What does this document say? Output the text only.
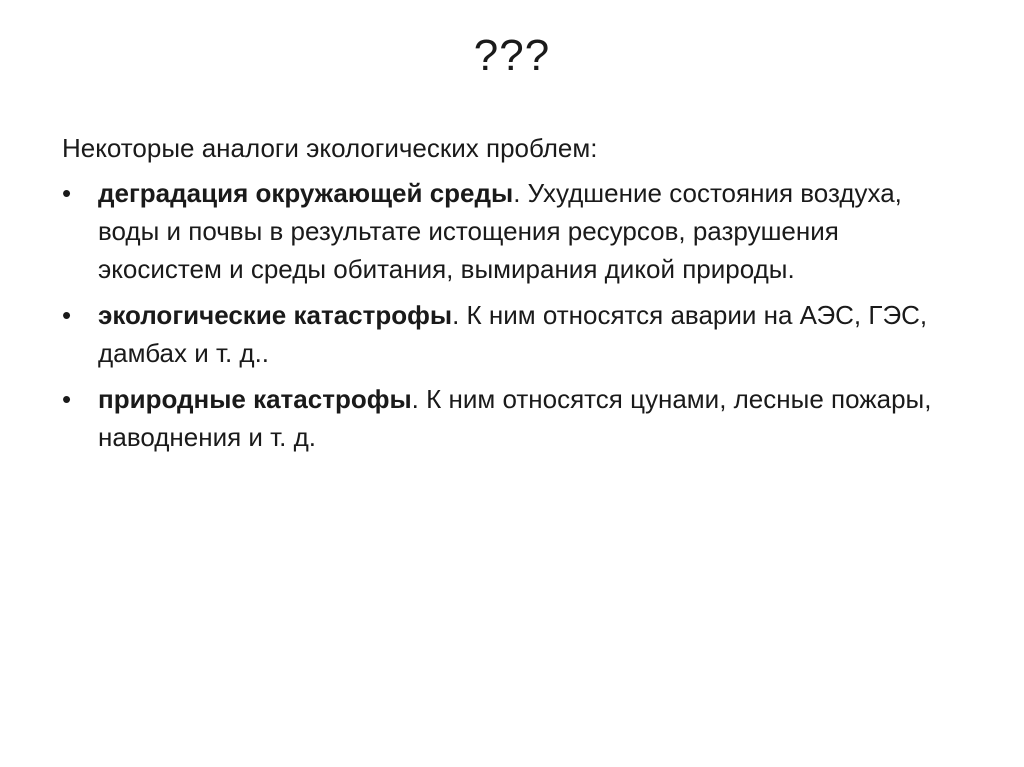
???

Некоторые аналоги экологических проблем:

•	деградация окружающей среды. Ухудшение состояния воздуха, воды и почвы в результате истощения ресурсов, разрушения экосистем и среды обитания, вымирания дикой природы.
•	экологические катастрофы. К ним относятся аварии на АЭС, ГЭС, дамбах и т. д..
•	природные катастрофы. К ним относятся цунами, лесные пожары, наводнения и т. д.
